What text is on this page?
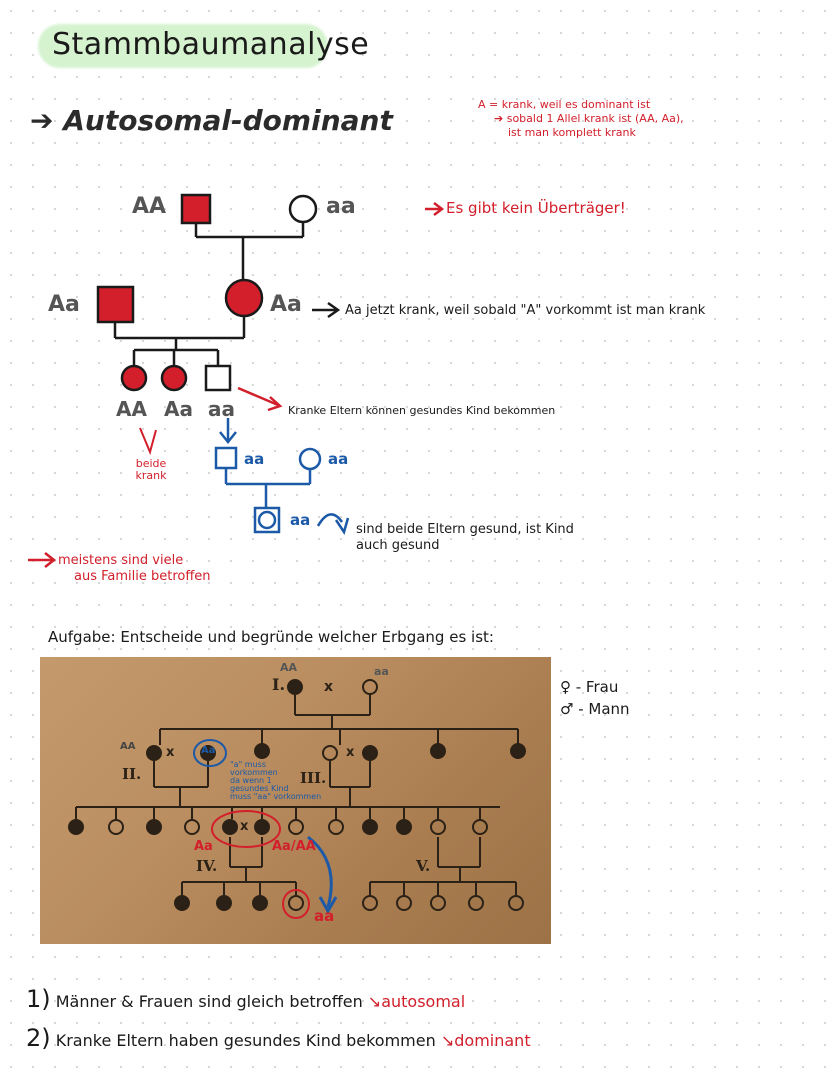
Stammbaumanalyse
➔ Autosomal-dominant	A = krank, weil es dominant ist
➔ sobald 1 Allel krank ist (AA, Aa),
ist man komplett krank
AA	aa
Aa	Aa
AA Aa aa
aa	aa
aa
Es gibt kein Überträger!
Aa jetzt krank, weil sobald "A" vorkommt ist man krank
Kranke Eltern können gesundes Kind bekommen
beide krank
sind beide Eltern gesund, ist Kind
auch gesund
meistens sind viele
aus Familie betroffen
Aufgabe: Entscheide und begründe welcher Erbgang es ist:
I.	x
AA	aa
AA x	Aa
II.	III.
x
"a" muss
vorkommen
da wenn 1
gesundes Kind
muss "aa" vorkommen
x
Aa	Aa/AA
IV.	V.
aa
♀ - Frau
♂ - Mann
1) Männer & Frauen sind gleich betroffen ↘autosomal
2) Kranke Eltern haben gesundes Kind bekommen ↘dominant
